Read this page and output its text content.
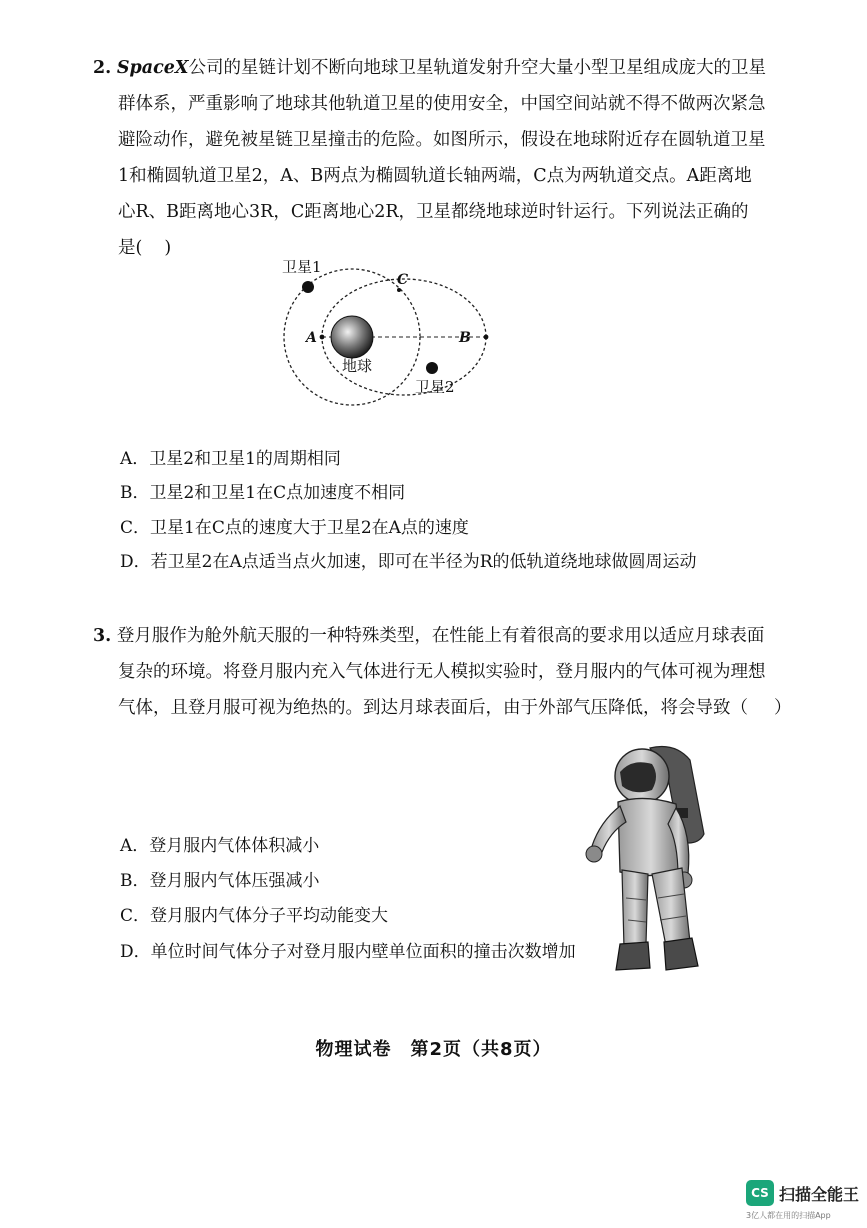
2. SpaceX公司的星链计划不断向地球卫星轨道发射升空大量小型卫星组成庞大的卫星
群体系，严重影响了地球其他轨道卫星的使用安全，中国空间站就不得不做两次紧急
避险动作，避免被星链卫星撞击的危险。如图所示，假设在地球附近存在圆轨道卫星
1和椭圆轨道卫星2，A、B两点为椭圆轨道长轴两端，C点为两轨道交点。A距离地
心R、B距离地心3R，C距离地心2R，卫星都绕地球逆时针运行。下列说法正确的
是( )
卫星1
卫星2
地球
A	B
C
A．卫星2和卫星1的周期相同
B．卫星2和卫星1在C点加速度不相同
C．卫星1在C点的速度大于卫星2在A点的速度
D．若卫星2在A点适当点火加速，即可在半径为R的低轨道绕地球做圆周运动
3. 登月服作为舱外航天服的一种特殊类型，在性能上有着很高的要求用以适应月球表面
复杂的环境。将登月服内充入气体进行无人模拟实验时，登月服内的气体可视为理想
气体，且登月服可视为绝热的。到达月球表面后，由于外部气压降低，将会导致（ ）
A．登月服内气体体积减小
B．登月服内气体压强减小
C．登月服内气体分子平均动能变大
D．单位时间气体分子对登月服内壁单位面积的撞击次数增加
物理试卷　第2页（共8页）
CS 扫描全能王
3亿人都在用的扫描App
